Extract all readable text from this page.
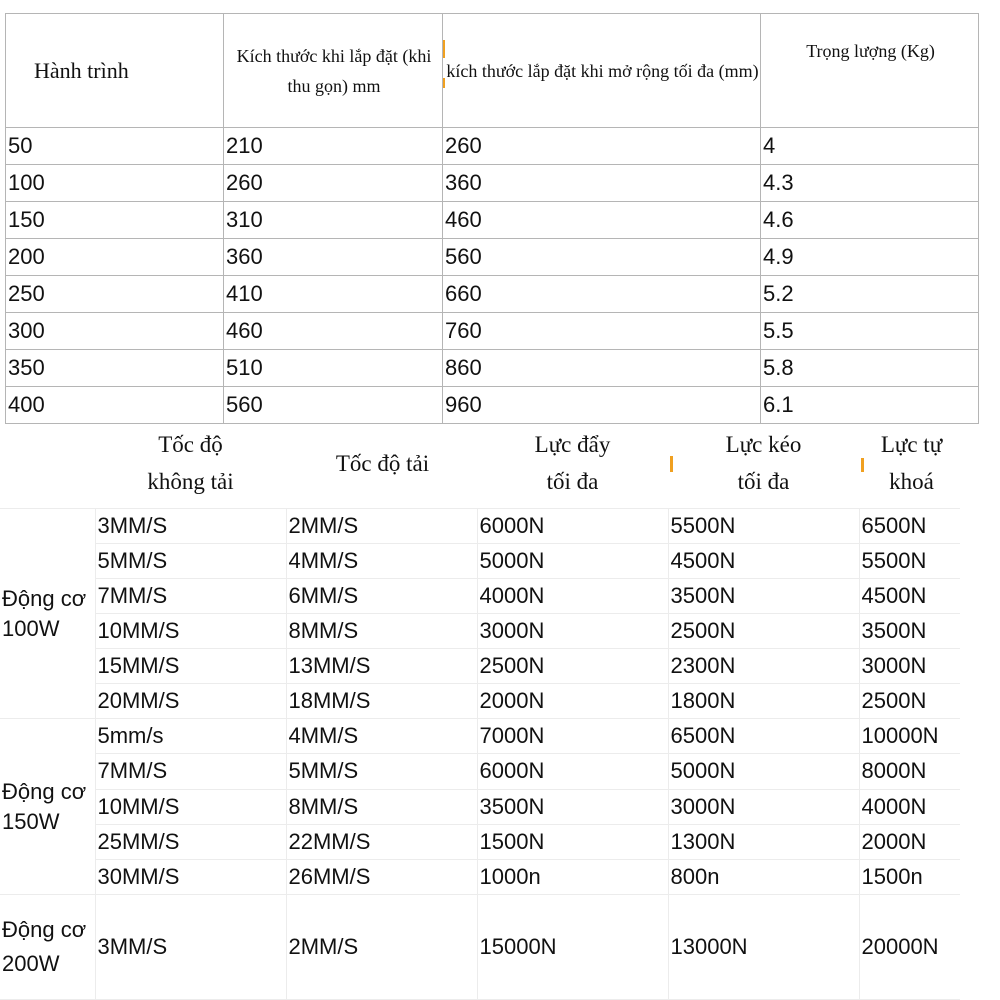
Hành trình	Kích thước khi lắp đặt (khi thu gọn) mm	kích thước lắp đặt khi mở rộng tối đa (mm)	Trọng lượng (Kg)
50	210	260	4
100	260	360	4.3
150	310	460	4.6
200	360	560	4.9
250	410	660	5.2
300	460	760	5.5
350	510	860	5.8
400	560	960	6.1
	Tốc độ không tải	Tốc độ tải	Lực đẩy tối đa	Lực kéo tối đa	Lực tự khoá
Động cơ 100W	3MM/S	2MM/S	6000N	5500N	6500N
	5MM/S	4MM/S	5000N	4500N	5500N
	7MM/S	6MM/S	4000N	3500N	4500N
	10MM/S	8MM/S	3000N	2500N	3500N
	15MM/S	13MM/S	2500N	2300N	3000N
	20MM/S	18MM/S	2000N	1800N	2500N
Động cơ 150W	5mm/s	4MM/S	7000N	6500N	10000N
	7MM/S	5MM/S	6000N	5000N	8000N
	10MM/S	8MM/S	3500N	3000N	4000N
	25MM/S	22MM/S	1500N	1300N	2000N
	30MM/S	26MM/S	1000n	800n	1500n
Động cơ 200W	3MM/S	2MM/S	15000N	13000N	20000N
